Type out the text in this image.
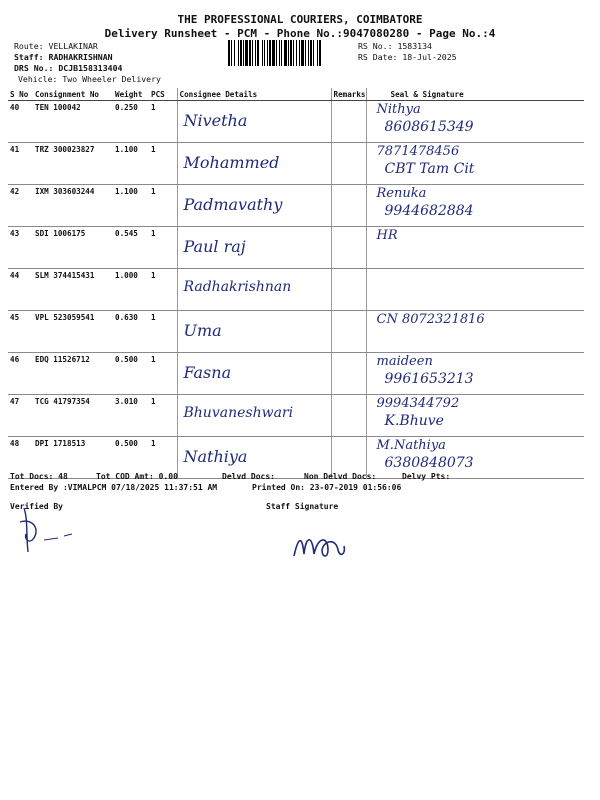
THE PROFESSIONAL COURIERS, COIMBATORE
Delivery Runsheet - PCM - Phone No.:9047080280 - Page No.:4
Route: VELLAKINAR
Staff: RADHAKRISHNAN
DRS No.: DCJB158313404
Vehicle: Two Wheeler Delivery
RS No.: 1583134
RS Date: 18-Jul-2025
S No	Consignment No	Weight	PCS	Consignee Details	Remarks	Seal & Signature
40	TEN 100042	0.250	1	Nivetha		Nithya
8608615349

41	TRZ 300023827	1.100	1	Mohammed		7871478456
CBT Tam Cit

42	IXM 303603244	1.100	1	Padmavathy		Renuka
9944682884

43	SDI 1006175	0.545	1	Paul raj		HR

44	SLM 374415431	1.000	1	Radhakrishnan		

45	VPL 523059541	0.630	1	Uma		CN 8072321816

46	EDQ 11526712	0.500	1	Fasna		maideen
9961653213

47	TCG 41797354	3.010	1	Bhuvaneshwari		9994344792
K.Bhuve

48	DPI 1718513	0.500	1	Nathiya		M.Nathiya
6380848073
Tot Docs: 48	Tot COD Amt: 0.00	Delvd Docs:	Non Delvd Docs:	Delvy Pts:
Entered By :VIMALPCM 07/18/2025 11:37:51 AM	Printed On: 23-07-2019 01:56:06
Verified By	Staff Signature
